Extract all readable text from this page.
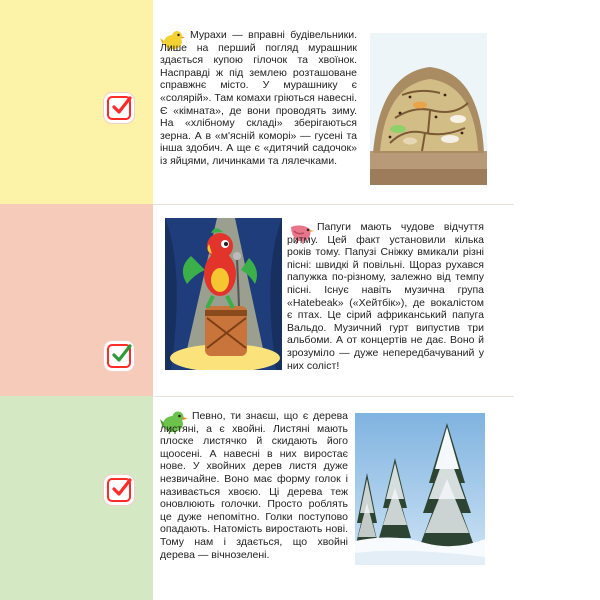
Мурахи — вправні будівельники. Лише на перший погляд мурашник здається купою гілочок та хвоїнок. Насправді ж під землею розташоване справжнє місто. У мурашнику є «солярій». Там комахи гріються навесні. Є «кімната», де вони проводять зиму. На «хлібному складі» зберігаються зерна. А в «м'ясній коморі» — гусені та інша здобич. А ще є «дитячий садочок» із яйцями, личинками та лялечками.

Папуги мають чудове відчуття ритму. Цей факт установили кілька років тому. Папузі Сніжку вмикали різні пісні: швидкі й повільні. Щораз рухався папужка по-різному, залежно від темпу пісні. Існує навіть музична група «Hatebeak» («Хейтбік»), де вокалістом є птах. Це сірий африканський папуга Вальдо. Музичний гурт випустив три альбоми. А от концертів не дає. Воно й зрозуміло — дуже непередбачуваний у них соліст!

Певно, ти знаєш, що є дерева листяні, а є хвойні. Листяні мають плоске листячко й скидають його щоосені. А навесні в них виростає нове. У хвойних дерев листя дуже незвичайне. Воно має форму голок і називається хвоєю. Ці дерева теж оновлюють голочки. Просто роблять це дуже непомітно. Голки поступово опадають. Натомість виростають нові. Тому нам і здається, що хвойні дерева — вічнозелені.
